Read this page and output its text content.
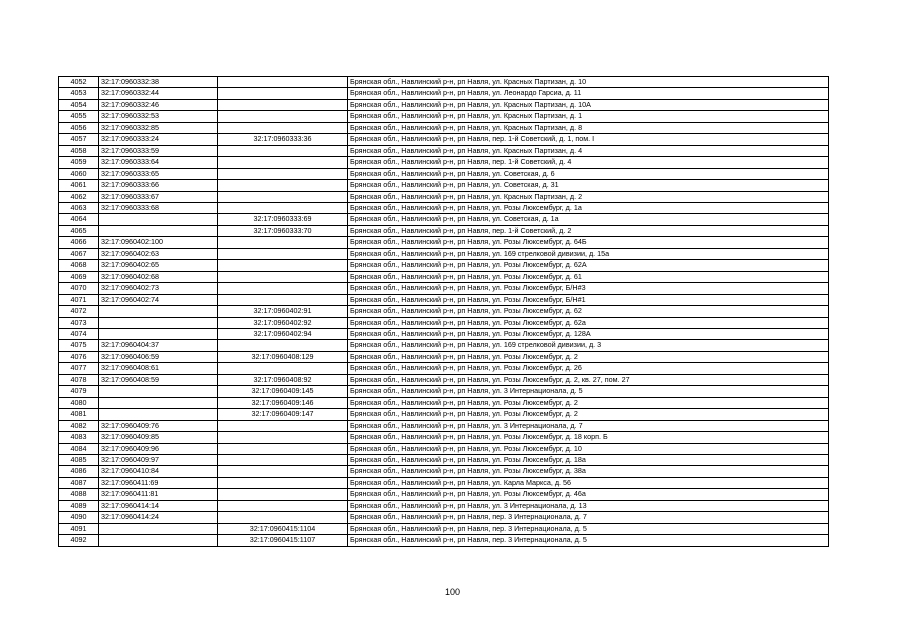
4052	32:17:0960332:38		Брянская обл., Навлинский р-н, рп Навля, ул. Красных Партизан, д. 10
4053	32:17:0960332:44		Брянская обл., Навлинский р-н, рп Навля, ул. Леонардо Гарсиа, д. 11
4054	32:17:0960332:46		Брянская обл., Навлинский р-н, рп Навля, ул. Красных Партизан, д. 10А
4055	32:17:0960332:53		Брянская обл., Навлинский р-н, рп Навля, ул. Красных Партизан, д. 1
4056	32:17:0960332:85		Брянская обл., Навлинский р-н, рп Навля, ул. Красных Партизан, д. 8
4057	32:17:0960333:24	32:17:0960333:36	Брянская обл., Навлинский р-н, рп Навля, пер. 1-й Советский, д. 1, пом. I
4058	32:17:0960333:59		Брянская обл., Навлинский р-н, рп Навля, ул. Красных Партизан, д. 4
4059	32:17:0960333:64		Брянская обл., Навлинский р-н, рп Навля, пер. 1-й Советский, д. 4
4060	32:17:0960333:65		Брянская обл., Навлинский р-н, рп Навля, ул. Советская, д. 6
4061	32:17:0960333:66		Брянская обл., Навлинский р-н, рп Навля, ул. Советская, д. 31
4062	32:17:0960333:67		Брянская обл., Навлинский р-н, рп Навля, ул. Красных Партизан, д. 2
4063	32:17:0960333:68		Брянская обл., Навлинский р-н, рп Навля, ул. Розы Люксембург, д. 1а
4064		32:17:0960333:69	Брянская обл., Навлинский р-н, рп Навля, ул. Советская, д. 1а
4065		32:17:0960333:70	Брянская обл., Навлинский р-н, рп Навля, пер. 1-й Советский, д. 2
4066	32:17:0960402:100		Брянская обл., Навлинский р-н, рп Навля, ул. Розы Люксембург, д. 64Б
4067	32:17:0960402:63		Брянская обл., Навлинский р-н, рп Навля, ул. 169 стрелковой дивизии, д. 15а
4068	32:17:0960402:65		Брянская обл., Навлинский р-н, рп Навля, ул. Розы Люксембург, д. 62А
4069	32:17:0960402:68		Брянская обл., Навлинский р-н, рп Навля, ул. Розы Люксембург, д. 61
4070	32:17:0960402:73		Брянская обл., Навлинский р-н, рп Навля, ул. Розы Люксембург, Б/Н#3
4071	32:17:0960402:74		Брянская обл., Навлинский р-н, рп Навля, ул. Розы Люксембург, Б/Н#1
4072		32:17:0960402:91	Брянская обл., Навлинский р-н, рп Навля, ул. Розы Люксембург, д. 62
4073		32:17:0960402:92	Брянская обл., Навлинский р-н, рп Навля, ул. Розы Люксембург, д. 62а
4074		32:17:0960402:94	Брянская обл., Навлинский р-н, рп Навля, ул. Розы Люксембург, д. 128А
4075	32:17:0960404:37		Брянская обл., Навлинский р-н, рп Навля, ул. 169 стрелковой дивизии, д. 3
4076	32:17:0960406:59	32:17:0960408:129	Брянская обл., Навлинский р-н, рп Навля, ул. Розы Люксембург, д. 2
4077	32:17:0960408:61		Брянская обл., Навлинский р-н, рп Навля, ул. Розы Люксембург, д. 26
4078	32:17:0960408:59	32:17:0960408:92	Брянская обл., Навлинский р-н, рп Навля, ул. Розы Люксембург, д. 2, кв. 27, пом. 27
4079		32:17:0960409:145	Брянская обл., Навлинский р-н, рп Навля, ул. 3 Интернационала, д. 5
4080		32:17:0960409:146	Брянская обл., Навлинский р-н, рп Навля, ул. Розы Люксембург, д. 2
4081		32:17:0960409:147	Брянская обл., Навлинский р-н, рп Навля, ул. Розы Люксембург, д. 2
4082	32:17:0960409:76		Брянская обл., Навлинский р-н, рп Навля, ул. 3 Интернационала, д. 7
4083	32:17:0960409:85		Брянская обл., Навлинский р-н, рп Навля, ул. Розы Люксембург, д. 18 корп. Б
4084	32:17:0960409:96		Брянская обл., Навлинский р-н, рп Навля, ул. Розы Люксембург, д. 10
4085	32:17:0960409:97		Брянская обл., Навлинский р-н, рп Навля, ул. Розы Люксембург, д. 18а
4086	32:17:0960410:84		Брянская обл., Навлинский р-н, рп Навля, ул. Розы Люксембург, д. 38а
4087	32:17:0960411:69		Брянская обл., Навлинский р-н, рп Навля, ул. Карла Маркса, д. 56
4088	32:17:0960411:81		Брянская обл., Навлинский р-н, рп Навля, ул. Розы Люксембург, д. 46а
4089	32:17:0960414:14		Брянская обл., Навлинский р-н, рп Навля, ул. 3 Интернационала, д. 13
4090	32:17:0960414:24		Брянская обл., Навлинский р-н, рп Навля, пер. 3 Интернационала, д. 7
4091		32:17:0960415:1104	Брянская обл., Навлинский р-н, рп Навля, пер. 3 Интернационала, д. 5
4092		32:17:0960415:1107	Брянская обл., Навлинский р-н, рп Навля, пер. 3 Интернационала, д. 5
100
